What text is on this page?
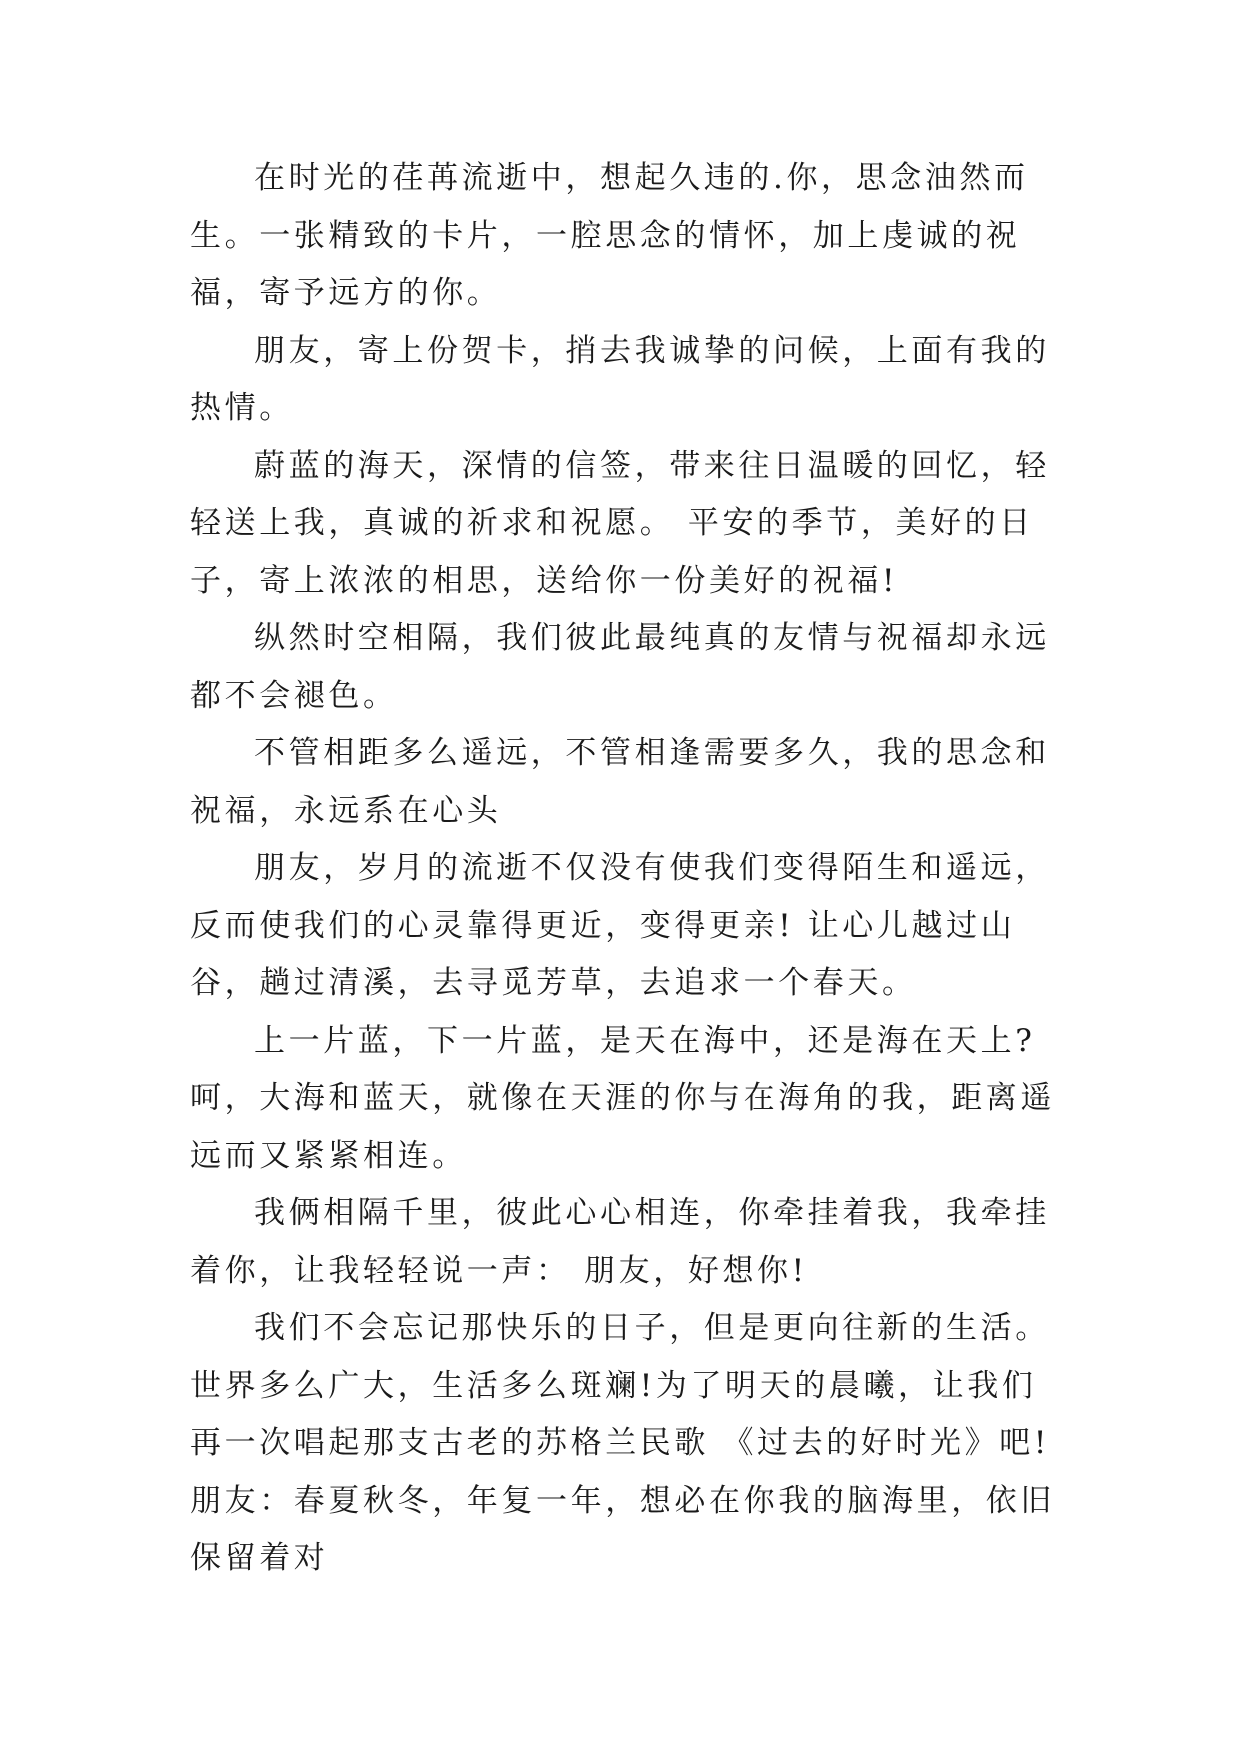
在时光的荏苒流逝中，想起久违的.你，思念油然而生。一张精致的卡片，一腔思念的情怀，加上虔诚的祝福，寄予远方的你。

朋友，寄上份贺卡，捎去我诚挚的问候，上面有我的热情。

蔚蓝的海天，深情的信签，带来往日温暖的回忆，轻轻送上我，真诚的祈求和祝愿。 平安的季节，美好的日子，寄上浓浓的相思，送给你一份美好的祝福!

纵然时空相隔，我们彼此最纯真的友情与祝福却永远都不会褪色。

不管相距多么遥远，不管相逢需要多久，我的思念和祝福，永远系在心头

朋友，岁月的流逝不仅没有使我们变得陌生和遥远，反而使我们的心灵靠得更近，变得更亲! 让心儿越过山谷，趟过清溪，去寻觅芳草，去追求一个春天。

上一片蓝，下一片蓝，是天在海中，还是海在天上?呵，大海和蓝天，就像在天涯的你与在海角的我，距离遥远而又紧紧相连。

我俩相隔千里，彼此心心相连，你牵挂着我，我牵挂着你，让我轻轻说一声： 朋友，好想你!

我们不会忘记那快乐的日子，但是更向往新的生活。世界多么广大，生活多么斑斓!为了明天的晨曦，让我们再一次唱起那支古老的苏格兰民歌 《过去的好时光》吧! 朋友：春夏秋冬，年复一年，想必在你我的脑海里，依旧保留着对
